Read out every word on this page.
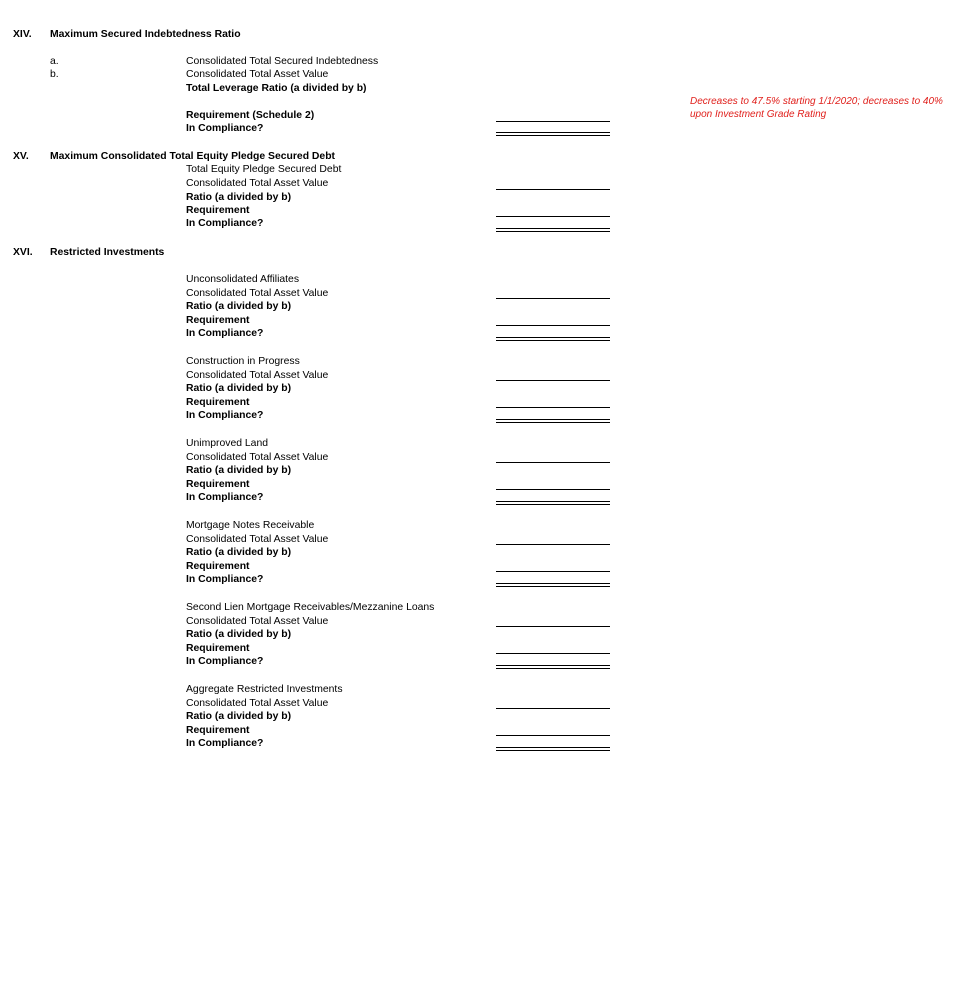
XIV. Maximum Secured Indebtedness Ratio
a.
b.
Consolidated Total Secured Indebtedness
Consolidated Total Asset Value
Total Leverage Ratio (a divided by b)
Requirement (Schedule 2)
In Compliance?
Decreases to 47.5% starting 1/1/2020; decreases to 40%
upon Investment Grade Rating
XV. Maximum Consolidated Total Equity Pledge Secured Debt
Total Equity Pledge Secured Debt
Consolidated Total Asset Value
Ratio (a divided by b)
Requirement
In Compliance?
XVI. Restricted Investments
Unconsolidated Affiliates
Consolidated Total Asset Value
Ratio (a divided by b)
Requirement
In Compliance?
Construction in Progress
Consolidated Total Asset Value
Ratio (a divided by b)
Requirement
In Compliance?
Unimproved Land
Consolidated Total Asset Value
Ratio (a divided by b)
Requirement
In Compliance?
Mortgage Notes Receivable
Consolidated Total Asset Value
Ratio (a divided by b)
Requirement
In Compliance?
Second Lien Mortgage Receivables/Mezzanine Loans
Consolidated Total Asset Value
Ratio (a divided by b)
Requirement
In Compliance?
Aggregate Restricted Investments
Consolidated Total Asset Value
Ratio (a divided by b)
Requirement
In Compliance?
